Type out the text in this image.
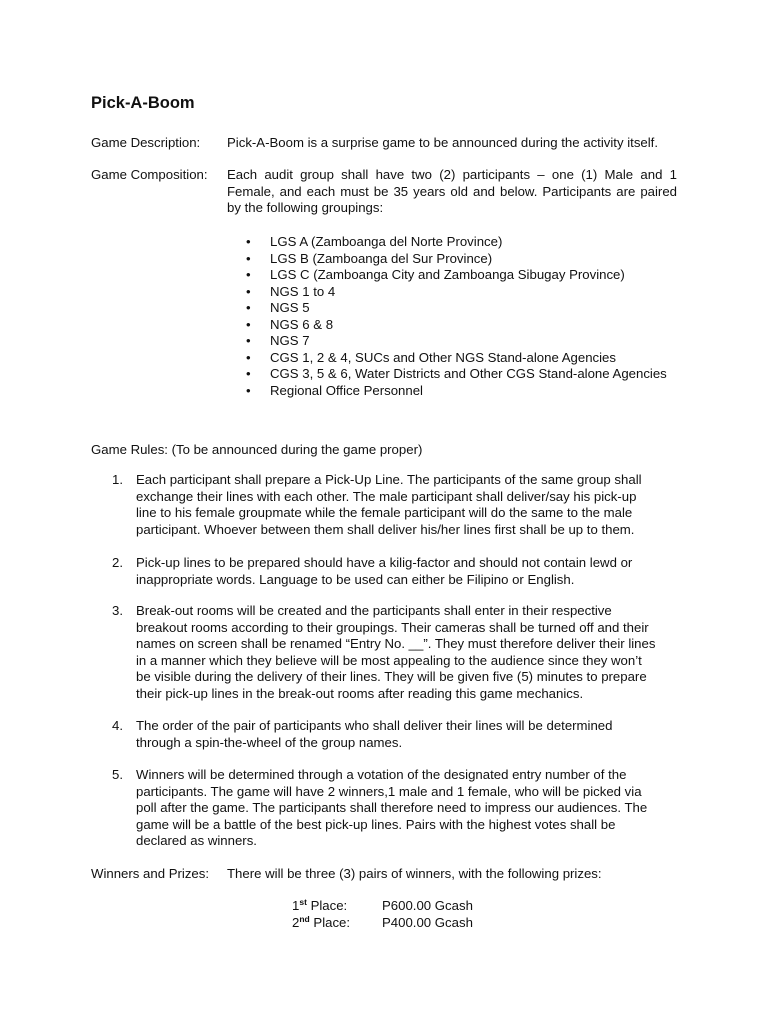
Pick-A-Boom
Game Description: Pick-A-Boom is a surprise game to be announced during the activity itself.
Game Composition: Each audit group shall have two (2) participants – one (1) Male and 1 Female, and each must be 35 years old and below. Participants are paired by the following groupings:
• LGS A (Zamboanga del Norte Province)
• LGS B (Zamboanga del Sur Province)
• LGS C (Zamboanga City and Zamboanga Sibugay Province)
• NGS 1 to 4
• NGS 5
• NGS 6 & 8
• NGS 7
• CGS 1, 2 & 4, SUCs and Other NGS Stand-alone Agencies
• CGS 3, 5 & 6, Water Districts and Other CGS Stand-alone Agencies
• Regional Office Personnel
Game Rules: (To be announced during the game proper)
1. Each participant shall prepare a Pick-Up Line. The participants of the same group shall exchange their lines with each other. The male participant shall deliver/say his pick-up line to his female groupmate while the female participant will do the same to the male participant. Whoever between them shall deliver his/her lines first shall be up to them.
2. Pick-up lines to be prepared should have a kilig-factor and should not contain lewd or inappropriate words. Language to be used can either be Filipino or English.
3. Break-out rooms will be created and the participants shall enter in their respective breakout rooms according to their groupings. Their cameras shall be turned off and their names on screen shall be renamed “Entry No. __”. They must therefore deliver their lines in a manner which they believe will be most appealing to the audience since they won’t be visible during the delivery of their lines. They will be given five (5) minutes to prepare their pick-up lines in the break-out rooms after reading this game mechanics.
4. The order of the pair of participants who shall deliver their lines will be determined through a spin-the-wheel of the group names.
5. Winners will be determined through a votation of the designated entry number of the participants. The game will have 2 winners,1 male and 1 female, who will be picked via poll after the game. The participants shall therefore need to impress our audiences. The game will be a battle of the best pick-up lines. Pairs with the highest votes shall be declared as winners.
Winners and Prizes: There will be three (3) pairs of winners, with the following prizes:
1st Place:	P600.00 Gcash
2nd Place: P400.00 Gcash
